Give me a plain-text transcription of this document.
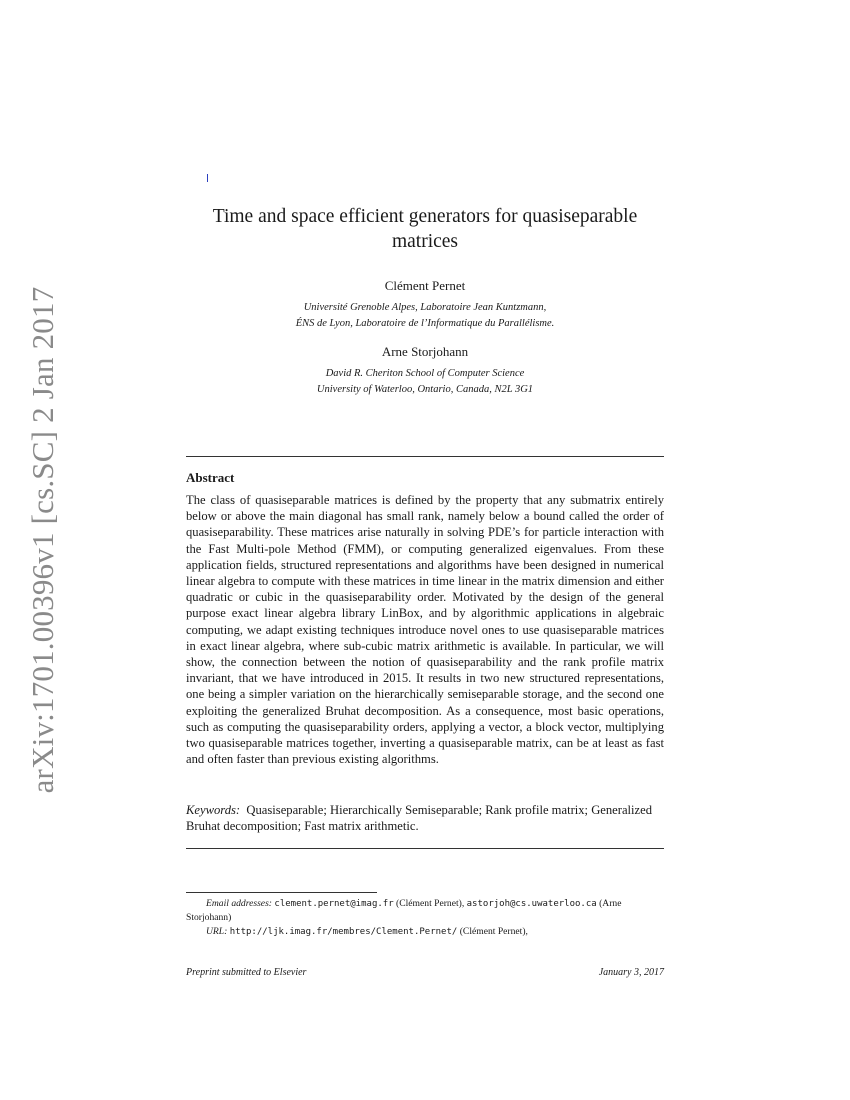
arXiv:1701.00396v1 [cs.SC] 2 Jan 2017
Time and space efficient generators for quasiseparable
matrices

Clément Pernet

Université Grenoble Alpes, Laboratoire Jean Kuntzmann,
ÉNS de Lyon, Laboratoire de l’Informatique du Parallélisme.

Arne Storjohann

David R. Cheriton School of Computer Science
University of Waterloo, Ontario, Canada, N2L 3G1

Abstract

The class of quasiseparable matrices is defined by the property that any submatrix entirely below or above the main diagonal has small rank, namely below a bound called the order of quasiseparability. These matrices arise naturally in solving PDE’s for particle interaction with the Fast Multi-pole Method (FMM), or computing generalized eigenvalues. From these application fields, structured representations and algorithms have been designed in numerical linear algebra to compute with these matrices in time linear in the matrix dimension and either quadratic or cubic in the quasiseparability order. Motivated by the design of the general purpose exact linear algebra library LinBox, and by algorithmic applications in algebraic computing, we adapt existing techniques introduce novel ones to use quasiseparable matrices in exact linear algebra, where sub-cubic matrix arithmetic is available. In particular, we will show, the connection between the notion of quasiseparability and the rank profile matrix invariant, that we have introduced in 2015. It results in two new structured representations, one being a simpler variation on the hierarchically semiseparable storage, and the second one exploiting the generalized Bruhat decomposition. As a consequence, most basic operations, such as computing the quasiseparability orders, applying a vector, a block vector, multiplying two quasiseparable matrices together, inverting a quasiseparable matrix, can be at least as fast and often faster than previous existing algorithms.

Keywords: Quasiseparable; Hierarchically Semiseparable; Rank profile matrix; Generalized Bruhat decomposition; Fast matrix arithmetic.

Email addresses: clement.pernet@imag.fr (Clément Pernet), astorjoh@cs.uwaterloo.ca (Arne Storjohann)
URL: http://ljk.imag.fr/membres/Clement.Pernet/ (Clément Pernet),

Preprint submitted to Elsevier	January 3, 2017
